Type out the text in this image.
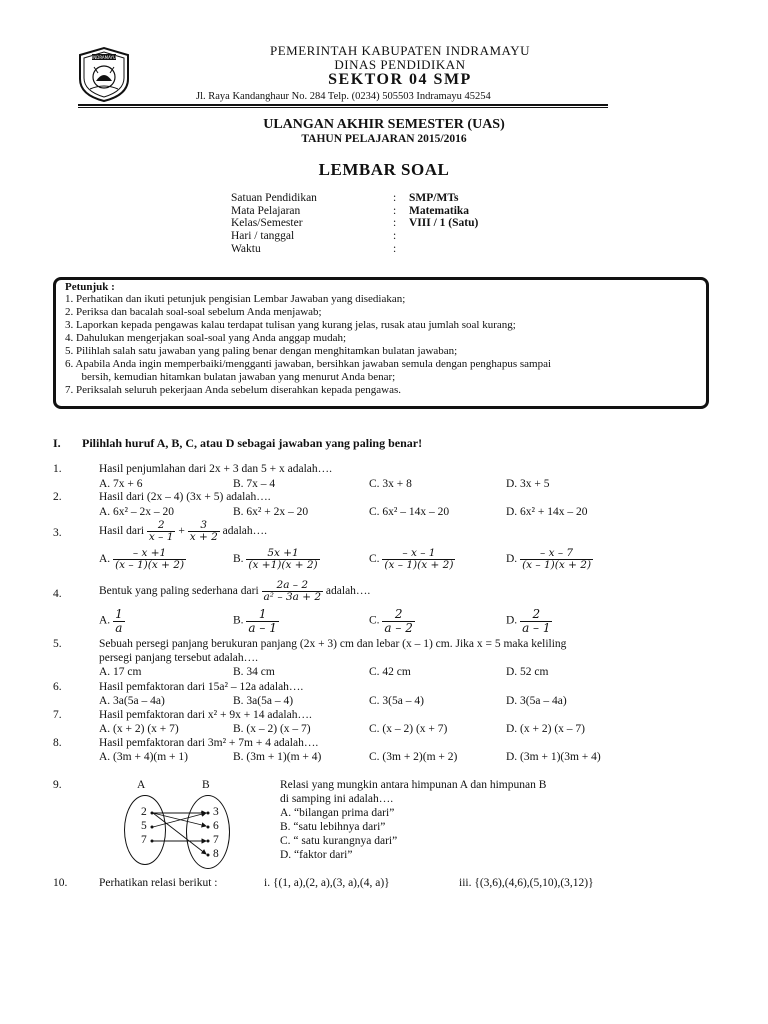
INDRAMAYU	PEMERINTAH KABUPATEN INDRAMAYU
DINAS PENDIDIKAN
SEKTOR 04 SMP
Jl. Raya Kandanghaur No. 284 Telp. (0234) 505503 Indramayu 45254
ULANGAN AKHIR SEMESTER (UAS)
TAHUN PELAJARAN 2015/2016
LEMBAR SOAL
Satuan Pendidikan	: SMP/MTs
Mata Pelajaran	: Matematika
Kelas/Semester	: VIII / 1 (Satu)
Hari / tanggal	:
Waktu	:
Petunjuk :
1. Perhatikan dan ikuti petunjuk pengisian Lembar Jawaban yang disediakan;
2. Periksa dan bacalah soal-soal sebelum Anda menjawab;
3. Laporkan kepada pengawas kalau terdapat tulisan yang kurang jelas, rusak atau jumlah soal kurang;
4. Dahulukan mengerjakan soal-soal yang Anda anggap mudah;
5. Pilihlah salah satu jawaban yang paling benar dengan menghitamkan bulatan jawaban;
6. Apabila Anda ingin memperbaiki/mengganti jawaban, bersihkan jawaban semula dengan penghapus sampai
bersih, kemudian hitamkan bulatan jawaban yang menurut Anda benar;
7. Periksalah seluruh pekerjaan Anda sebelum diserahkan kepada pengawas.
I. Pilihlah huruf A, B, C, atau D sebagai jawaban yang paling benar!
1.	Hasil penjumlahan dari 2x + 3 dan 5 + x adalah….
A. 7x + 6	B. 7x – 4	C. 3x + 8	D. 3x + 5
2.	Hasil dari (2x – 4) (3x + 5) adalah….
A. 6x² – 2x – 20	B. 6x² + 2x – 20	C. 6x² – 14x – 20	D. 6x² + 14x – 20
3.	Hasil dari $\frac{2}{x - 1} + \frac{3}{x + 2}$ adalah….
A. $\frac{- x +1}{(x - 1)(x + 2)}$	B. $\frac{5x +1}{(x +1)(x + 2)}$	C. $\frac{- x - 1}{(x - 1)(x + 2)}$	D. $\frac{- x - 7}{(x - 1)(x + 2)}$
4.	Bentuk yang paling sederhana dari $\frac{2a - 2}{\text{a² – 3a + 2}}$ adalah….
A. $\frac{1}{a}$	B. $\frac{1}{a - 1}$	C. $\frac{2}{a - 2}$	D. $\frac{2}{a - 1}$
5.	Sebuah persegi panjang berukuran panjang (2x + 3) cm dan lebar (x – 1) cm. Jika x = 5 maka keliling
persegi panjang tersebut adalah….
A. 17 cm	B. 34 cm	C. 42 cm	D. 52 cm
6.	Hasil pemfaktoran dari 15a² – 12a adalah….
A. 3a(5a – 4a)	B. 3a(5a – 4)	C. 3(5a – 4)	D. 3(5a – 4a)
7.	Hasil pemfaktoran dari x² + 9x + 14 adalah….
A. (x + 2) (x + 7)	B. (x – 2) (x – 7)	C. (x – 2) (x + 7)	D. (x + 2) (x – 7)
8.	Hasil pemfaktoran dari 3m² + 7m + 4 adalah….
A. (3m + 4)(m + 1)	B. (3m + 1)(m + 4)	C. (3m + 2)(m + 2)	D. (3m + 1)(3m + 4)
9.	A	B
2
5
7
3
6
7
8
Relasi yang mungkin antara himpunan A dan himpunan B
di samping ini adalah….
A. “bilangan prima dari”
B. “satu lebihnya dari”
C. “ satu kurangnya dari”
D. “faktor dari”
10.	Perhatikan relasi berikut :	i. {(1, a),(2, a),(3, a),(4, a)}	iii. {(3,6),(4,6),(5,10),(3,12)}
